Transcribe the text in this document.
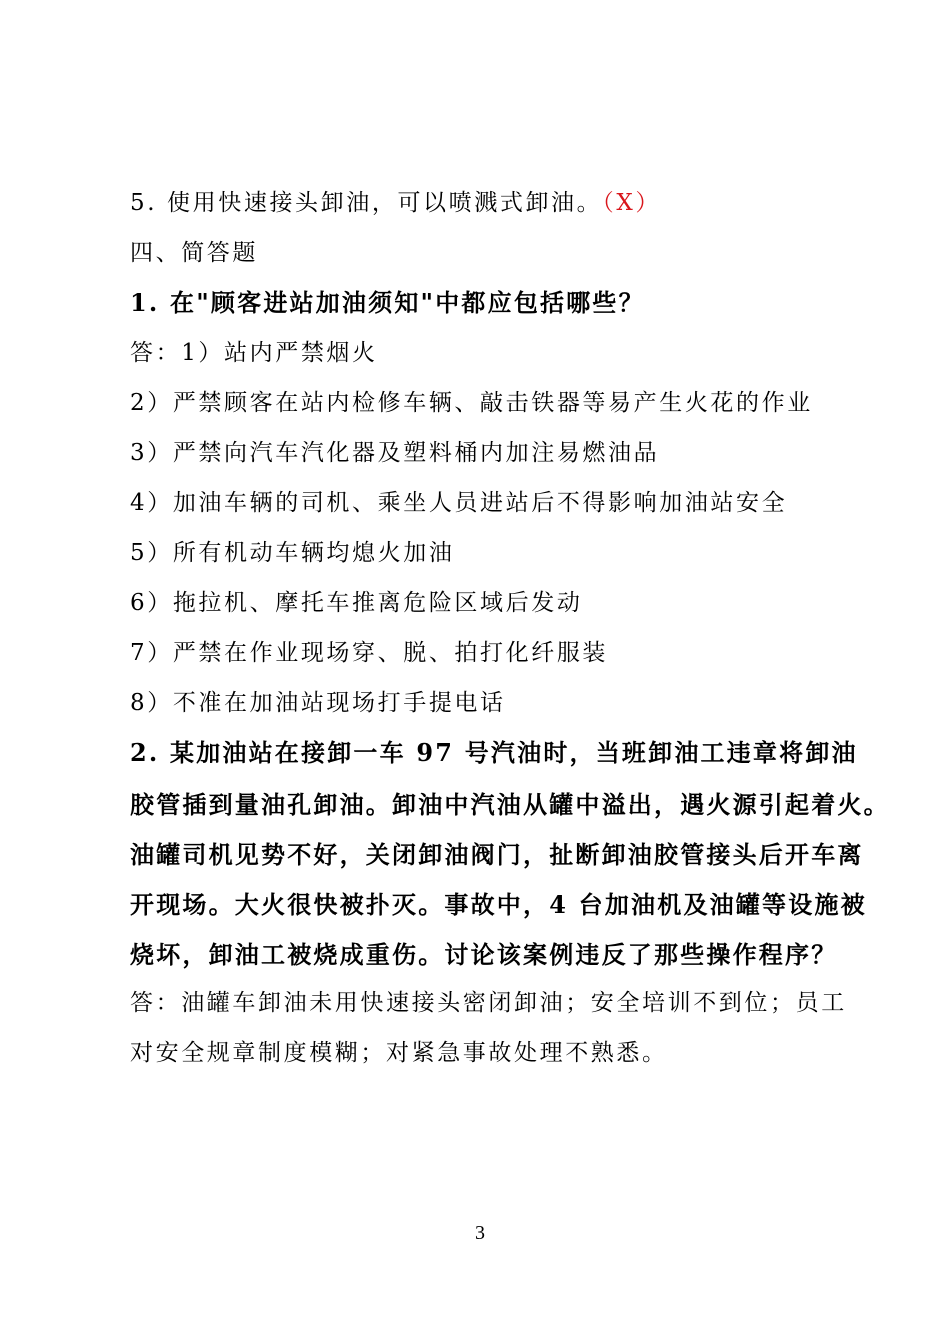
5. 使用快速接头卸油，可以喷溅式卸油。（X）
四、简答题
1. 在"顾客进站加油须知"中都应包括哪些？
答：1）站内严禁烟火
2）严禁顾客在站内检修车辆、敲击铁器等易产生火花的作业
3）严禁向汽车汽化器及塑料桶内加注易燃油品
4）加油车辆的司机、乘坐人员进站后不得影响加油站安全
5）所有机动车辆均熄火加油
6）拖拉机、摩托车推离危险区域后发动
7）严禁在作业现场穿、脱、拍打化纤服装
8）不准在加油站现场打手提电话
2. 某加油站在接卸一车 97 号汽油时，当班卸油工违章将卸油
胶管插到量油孔卸油。卸油中汽油从罐中溢出，遇火源引起着火。
油罐司机见势不好，关闭卸油阀门，扯断卸油胶管接头后开车离
开现场。大火很快被扑灭。事故中，4 台加油机及油罐等设施被
烧坏，卸油工被烧成重伤。讨论该案例违反了那些操作程序？
答：油罐车卸油未用快速接头密闭卸油；安全培训不到位；员工
对安全规章制度模糊；对紧急事故处理不熟悉。
3
